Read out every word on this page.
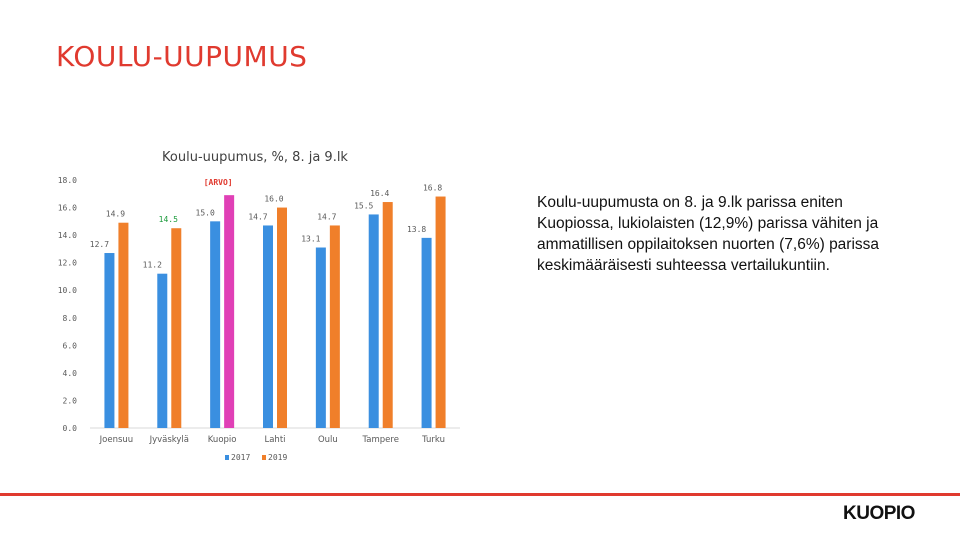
KOULU-UUPUMUS
Koulu-uupumus, %, 8. ja 9.lk
0.0
2.0
4.0
6.0
8.0
10.0
12.0
14.0
16.0
18.0
12.7
14.9
Joensuu
11.2
14.5
Jyväskylä
15.0
[ARVO]
Kuopio
14.7
16.0
Lahti
13.1
14.7
Oulu
15.5
16.4
Tampere
13.8
16.8
Turku
2017 2019
Koulu-uupumusta on 8. ja 9.lk parissa eniten Kuopiossa, lukiolaisten (12,9%) parissa vähiten ja ammatillisen oppilaitoksen nuorten (7,6%) parissa keskimääräisesti suhteessa vertailukuntiin.
KUOPIO
